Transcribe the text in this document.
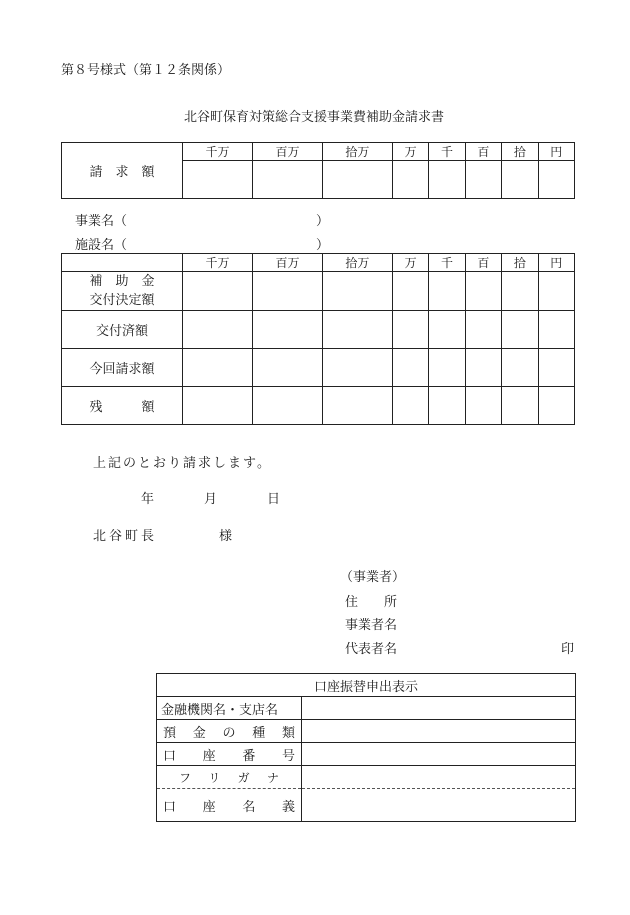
第８号様式（第１２条関係）
北谷町保育対策総合支援事業費補助金請求書
請　求　額	千万	百万	拾万	万	千	百	拾	円

事業名（	）
施設名（	）
	千万	百万	拾万	万	千	百	拾	円

補　助　金
交付決定額								

交付済額								
今回請求額								
残　　　額								
上記のとおり請求します。
年	月	日
北谷町長	様
（事業者）
住　　所
事業者名
代表者名	印
口座振替申出表示	
金融機関名・支店名	

預 金 の 種 類	

口 座 番 号	

フ リ ガ ナ	

口 座 名 義	
